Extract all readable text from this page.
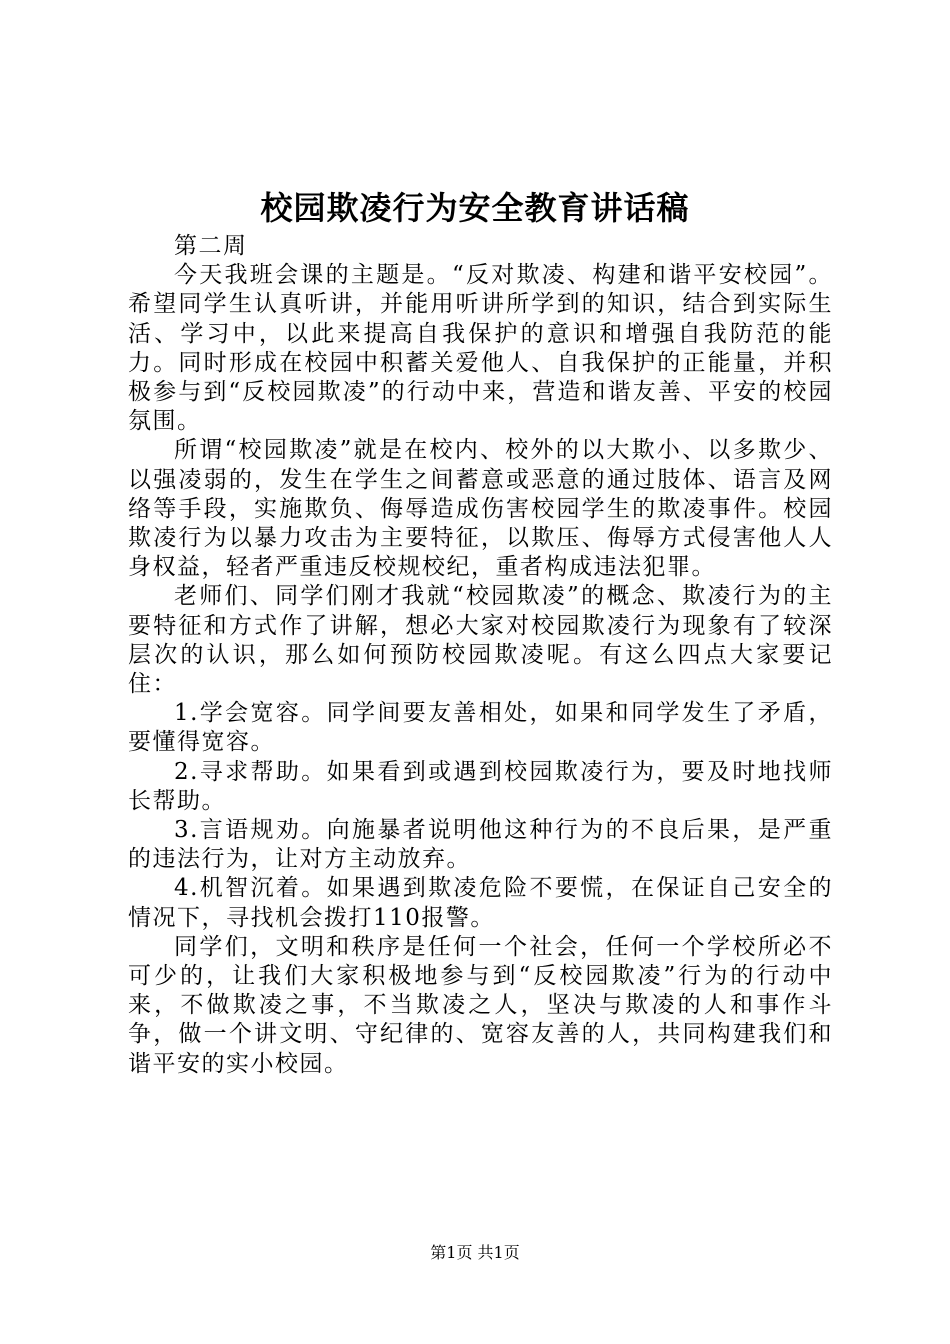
校园欺凌行为安全教育讲话稿

第二周

今天我班会课的主题是。“反对欺凌、构建和谐平安校园”。希望同学生认真听讲，并能用听讲所学到的知识，结合到实际生活、学习中，以此来提高自我保护的意识和增强自我防范的能力。同时形成在校园中积蓄关爱他人、自我保护的正能量，并积极参与到“反校园欺凌”的行动中来，营造和谐友善、平安的校园氛围。

所谓“校园欺凌”就是在校内、校外的以大欺小、以多欺少、以强凌弱的，发生在学生之间蓄意或恶意的通过肢体、语言及网络等手段，实施欺负、侮辱造成伤害校园学生的欺凌事件。校园欺凌行为以暴力攻击为主要特征，以欺压、侮辱方式侵害他人人身权益，轻者严重违反校规校纪，重者构成违法犯罪。

老师们、同学们刚才我就“校园欺凌”的概念、欺凌行为的主要特征和方式作了讲解，想必大家对校园欺凌行为现象有了较深层次的认识，那么如何预防校园欺凌呢。有这么四点大家要记住：

1.学会宽容。同学间要友善相处，如果和同学发生了矛盾，要懂得宽容。

2.寻求帮助。如果看到或遇到校园欺凌行为，要及时地找师长帮助。

3.言语规劝。向施暴者说明他这种行为的不良后果，是严重的违法行为，让对方主动放弃。

4.机智沉着。如果遇到欺凌危险不要慌，在保证自己安全的情况下，寻找机会拨打110报警。

同学们，文明和秩序是任何一个社会，任何一个学校所必不可少的，让我们大家积极地参与到“反校园欺凌”行为的行动中来，不做欺凌之事，不当欺凌之人，坚决与欺凌的人和事作斗争，做一个讲文明、守纪律的、宽容友善的人，共同构建我们和谐平安的实小校园。

第1页 共1页
